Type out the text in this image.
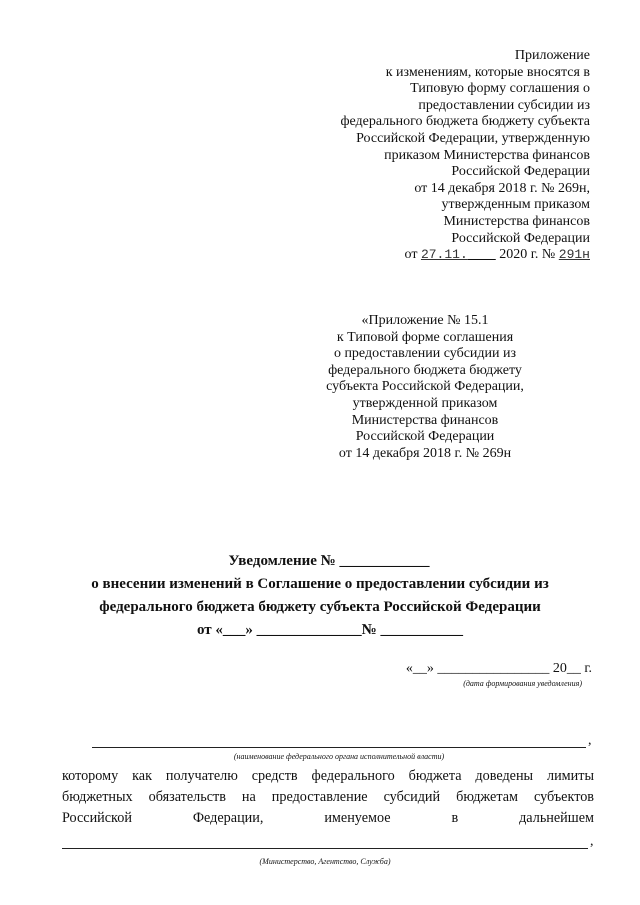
Приложение
к изменениям, которые вносятся в
Типовую форму соглашения о
предоставлении субсидии из
федерального бюджета бюджету субъекта
Российской Федерации, утвержденную
приказом Министерства финансов
Российской Федерации
от 14 декабря 2018 г. № 269н,
утвержденным приказом
Министерства финансов
Российской Федерации
от 27.11. 2020 г. № 291н
«Приложение № 15.1
к Типовой форме соглашения
о предоставлении субсидии из
федерального бюджета бюджету
субъекта Российской Федерации,
утвержденной приказом
Министерства финансов
Российской Федерации
от 14 декабря 2018 г. № 269н
Уведомление № ____________
о внесении изменений в Соглашение о предоставлении субсидии из
федерального бюджета бюджету субъекта Российской Федерации
от «___» ______________№ ___________
«__» ________________ 20__ г.
(дата формирования уведомления)
,
(наименование федерального органа исполнительной власти)
которому как получателю средств федерального бюджета доведены лимиты
бюджетных обязательств на предоставление субсидий бюджетам субъектов
Российской	Федерации,	именуемое	в	дальнейшем
,
(Министерство, Агентство, Служба)
